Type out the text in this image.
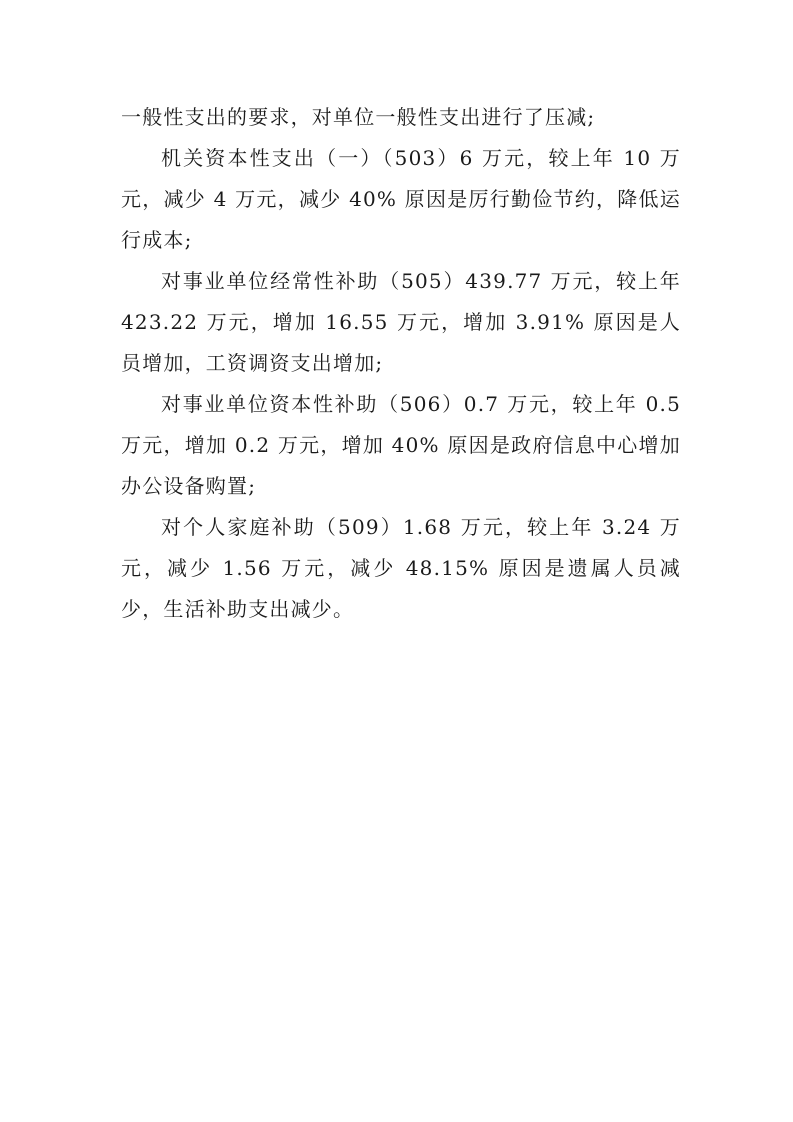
一般性支出的要求，对单位一般性支出进行了压减;

机关资本性支出（一）（503）6 万元，较上年 10 万元，减少 4 万元，减少 40% 原因是厉行勤俭节约，降低运行成本;

对事业单位经常性补助（505）439.77 万元，较上年 423.22 万元，增加 16.55 万元，增加 3.91% 原因是人员增加，工资调资支出增加;

对事业单位资本性补助（506）0.7 万元，较上年 0.5 万元，增加 0.2 万元，增加 40% 原因是政府信息中心增加办公设备购置;

对个人家庭补助（509）1.68 万元，较上年 3.24 万元，减少 1.56 万元，减少 48.15% 原因是遗属人员减少，生活补助支出减少。
